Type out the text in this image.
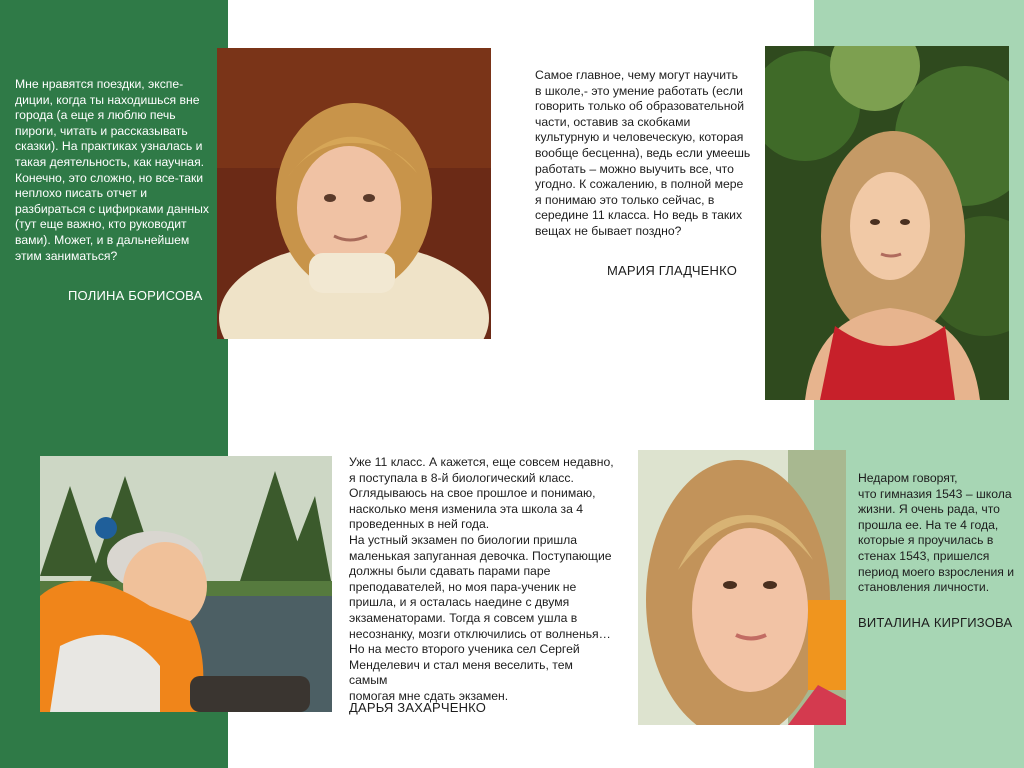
Мне нравятся поездки, экспе-
диции, когда ты находишься вне
города (а еще я люблю печь
пироги, читать и рассказывать
сказки). На практиках узналась и
такая деятельность, как научная.
Конечно, это сложно, но все-таки
неплохо писать отчет и
разбираться с цифирками данных
(тут еще важно, кто руководит
вами). Может, и в дальнейшем
этим заниматься?
ПОЛИНА БОРИСОВА
Самое главное, чему могут научить
в школе,- это умение работать (если
говорить только об образовательной
части, оставив за скобками
культурную и человеческую, которая
вообще бесценна), ведь если умеешь
работать – можно выучить все, что
угодно. К сожалению, в полной мере
я понимаю это только сейчас, в
середине 11 класса. Но ведь в таких
вещах не бывает поздно?
МАРИЯ ГЛАДЧЕНКО
Уже 11 класс. А кажется, еще совсем недавно,
я поступала в 8-й биологический класс.
Оглядываюсь на свое прошлое и понимаю,
насколько меня изменила эта школа за 4
проведенных в ней года.
На устный экзамен по биологии пришла
маленькая запуганная девочка. Поступающие
должны были сдавать парами паре
преподавателей, но моя пара-ученик не
пришла, и я осталась наедине с двумя
экзаменаторами. Тогда я совсем ушла в
несознанку, мозги отключились от волненья…
Но на место второго ученика сел Сергей
Менделевич и стал меня веселить, тем самым
помогая мне сдать экзамен.
ДАРЬЯ ЗАХАРЧЕНКО
Недаром говорят,
что гимназия 1543 – школа
жизни. Я очень рада, что
прошла ее. На те 4 года,
которые я проучилась в
стенах 1543, пришелся
период моего взросления и
становления личности.
ВИТАЛИНА КИРГИЗОВА
